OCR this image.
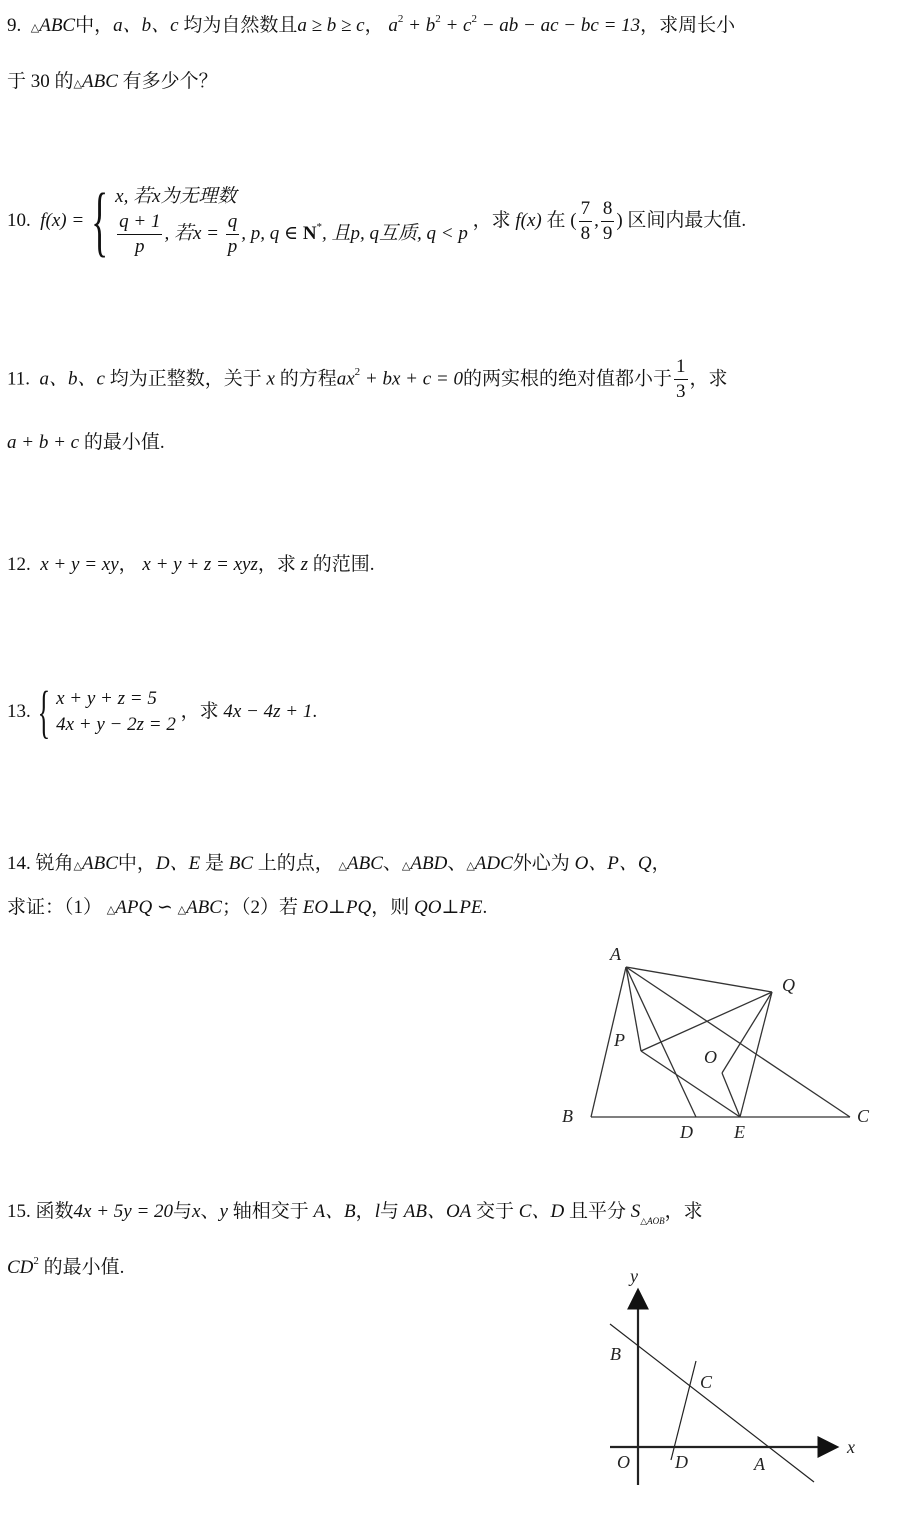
9. △ABC中，a、b、c 均为自然数且a ≥ b ≥ c， $a^2 + b^2 + c^2$ − ab − ac − bc = 13，求周长小
于 30 的△ABC 有多少个？
10. f(x) = { x, 若x为无理数
$\frac{q + 1}{p}$ , 若$x = \frac{q}{p}$ , p, q ∈ N*, 且p, q互质, q < p
，求 f(x) 在 ( $\frac{7}{8}$ , $\frac{8}{9}$ ) 区间内最大值.
11. a、b、c 均为正整数，关于 x 的方程$ax^2$ + bx + c = 0的两实根的绝对值都小于 $\frac{1}{3}$ ，求
a + b + c 的最小值.
12. x + y = xy， x + y + z = xyz，求 z 的范围.
13. { x + y + z = 5
4x + y − 2z = 2
，求 4x − 4z + 1.
14. 锐角△ABC中，D、E 是 BC 上的点， △ABC、△ABD、△ADC外心为 O、P、Q，
求证：（1） △APQ ∽ △ABC；（2）若 EO⊥PQ，则 QO⊥PE.
A
Q
P
O
B
D E
C
15. 函数4x + 5y = 20与x、y 轴相交于 A、B，l与 AB、OA 交于 C、D 且平分 $S_{\triangle AOB}$，求
$CD^2$ 的最小值.	y
x
B
C
O	D	A
